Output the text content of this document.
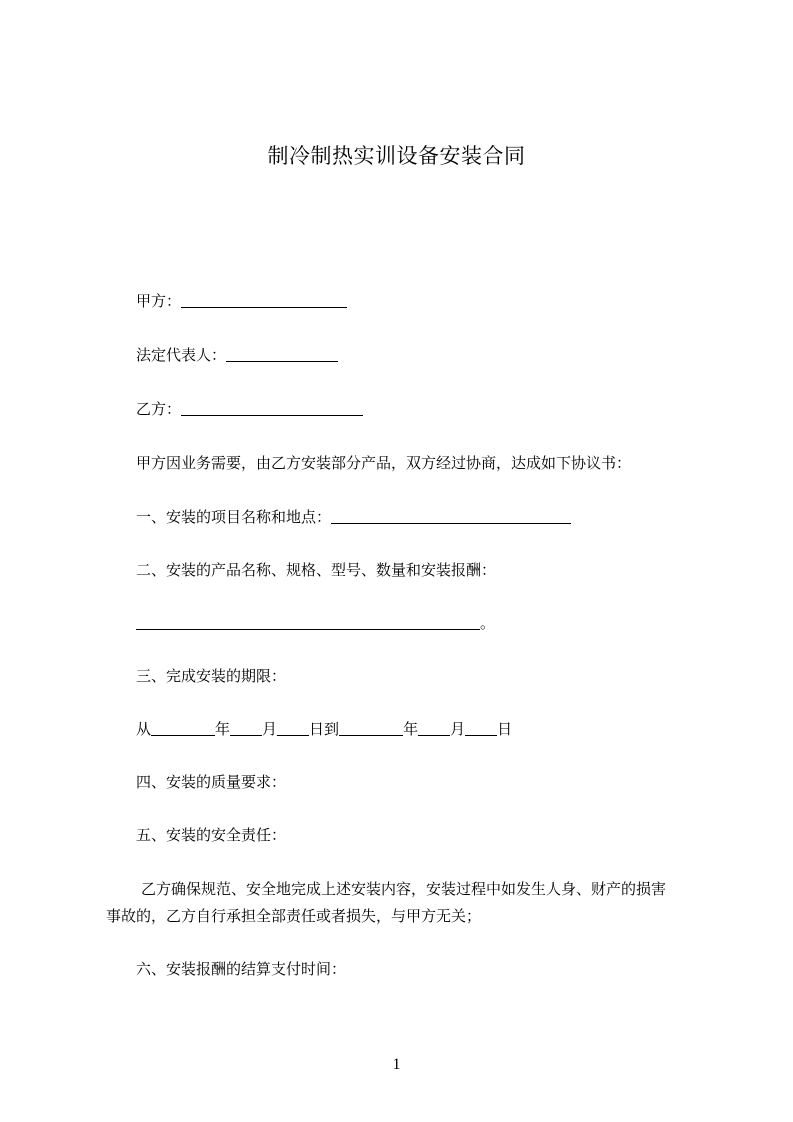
制冷制热实训设备安装合同
甲方：
法定代表人：
乙方：
甲方因业务需要，由乙方安装部分产品，双方经过协商，达成如下协议书：
一、安装的项目名称和地点：
二、安装的产品名称、规格、型号、数量和安装报酬：
。
三、完成安装的期限：
从	年 月 日到	年 月 日
四、安装的质量要求：
五、安装的安全责任：
乙方确保规范、安全地完成上述安装内容，安装过程中如发生人身、财产的损害
事故的，乙方自行承担全部责任或者损失，与甲方无关；
六、安装报酬的结算支付时间：
1
